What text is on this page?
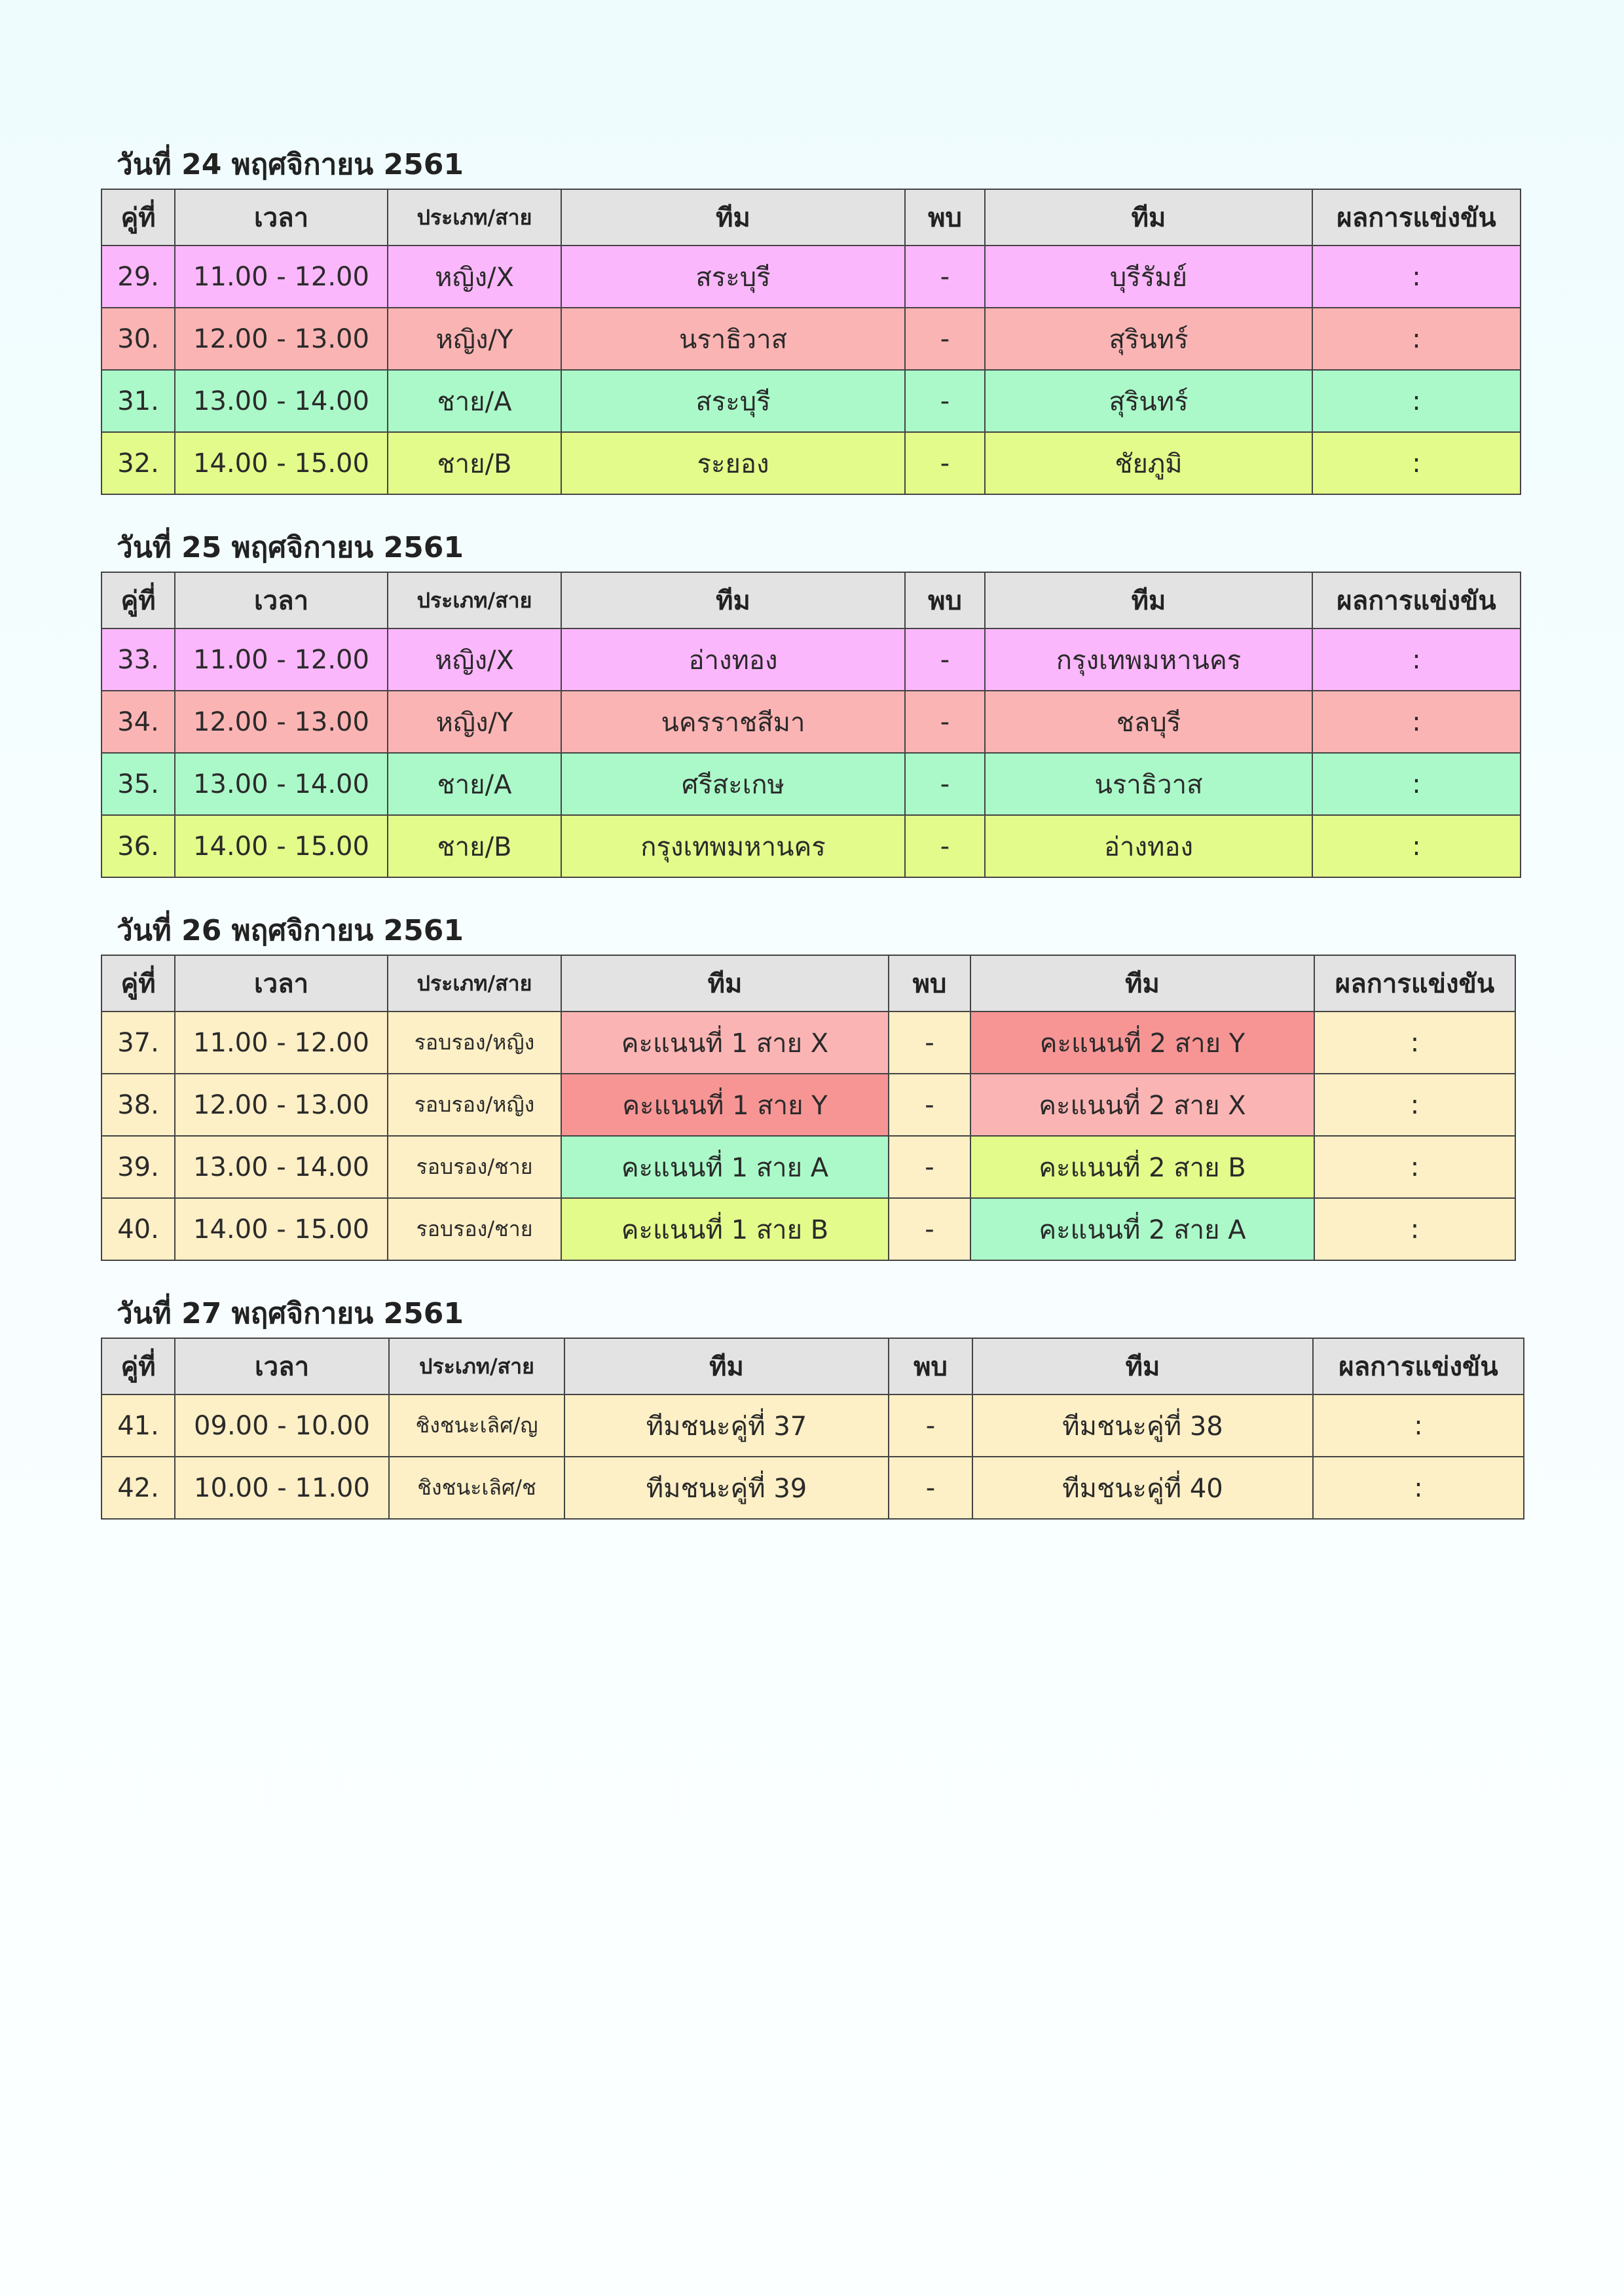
วันที่ 24 พฤศจิกายน 2561
คู่ที่	เวลา	ประเภท/สาย	ทีม	พบ	ทีม	ผลการแข่งขัน
29.	11.00 - 12.00	หญิง/X	สระบุรี	-	บุรีรัมย์	:
30.	12.00 - 13.00	หญิง/Y	นราธิวาส	-	สุรินทร์	:
31.	13.00 - 14.00	ชาย/A	สระบุรี	-	สุรินทร์	:
32.	14.00 - 15.00	ชาย/B	ระยอง	-	ชัยภูมิ	:
วันที่ 25 พฤศจิกายน 2561
คู่ที่	เวลา	ประเภท/สาย	ทีม	พบ	ทีม	ผลการแข่งขัน
33.	11.00 - 12.00	หญิง/X	อ่างทอง	-	กรุงเทพมหานคร	:
34.	12.00 - 13.00	หญิง/Y	นครราชสีมา	-	ชลบุรี	:
35.	13.00 - 14.00	ชาย/A	ศรีสะเกษ	-	นราธิวาส	:
36.	14.00 - 15.00	ชาย/B	กรุงเทพมหานคร	-	อ่างทอง	:
วันที่ 26 พฤศจิกายน 2561
คู่ที่	เวลา	ประเภท/สาย	ทีม	พบ	ทีม	ผลการแข่งขัน
37.	11.00 - 12.00	รอบรอง/หญิง	คะแนนที่ 1 สาย X	-	คะแนนที่ 2 สาย Y	:
38.	12.00 - 13.00	รอบรอง/หญิง	คะแนนที่ 1 สาย Y	-	คะแนนที่ 2 สาย X	:
39.	13.00 - 14.00	รอบรอง/ชาย	คะแนนที่ 1 สาย A	-	คะแนนที่ 2 สาย B	:
40.	14.00 - 15.00	รอบรอง/ชาย	คะแนนที่ 1 สาย B	-	คะแนนที่ 2 สาย A	:
วันที่ 27 พฤศจิกายน 2561
คู่ที่	เวลา	ประเภท/สาย	ทีม	พบ	ทีม	ผลการแข่งขัน
41.	09.00 - 10.00	ชิงชนะเลิศ/ญ	ทีมชนะคู่ที่ 37	-	ทีมชนะคู่ที่ 38	:
42.	10.00 - 11.00	ชิงชนะเลิศ/ช	ทีมชนะคู่ที่ 39	-	ทีมชนะคู่ที่ 40	:
